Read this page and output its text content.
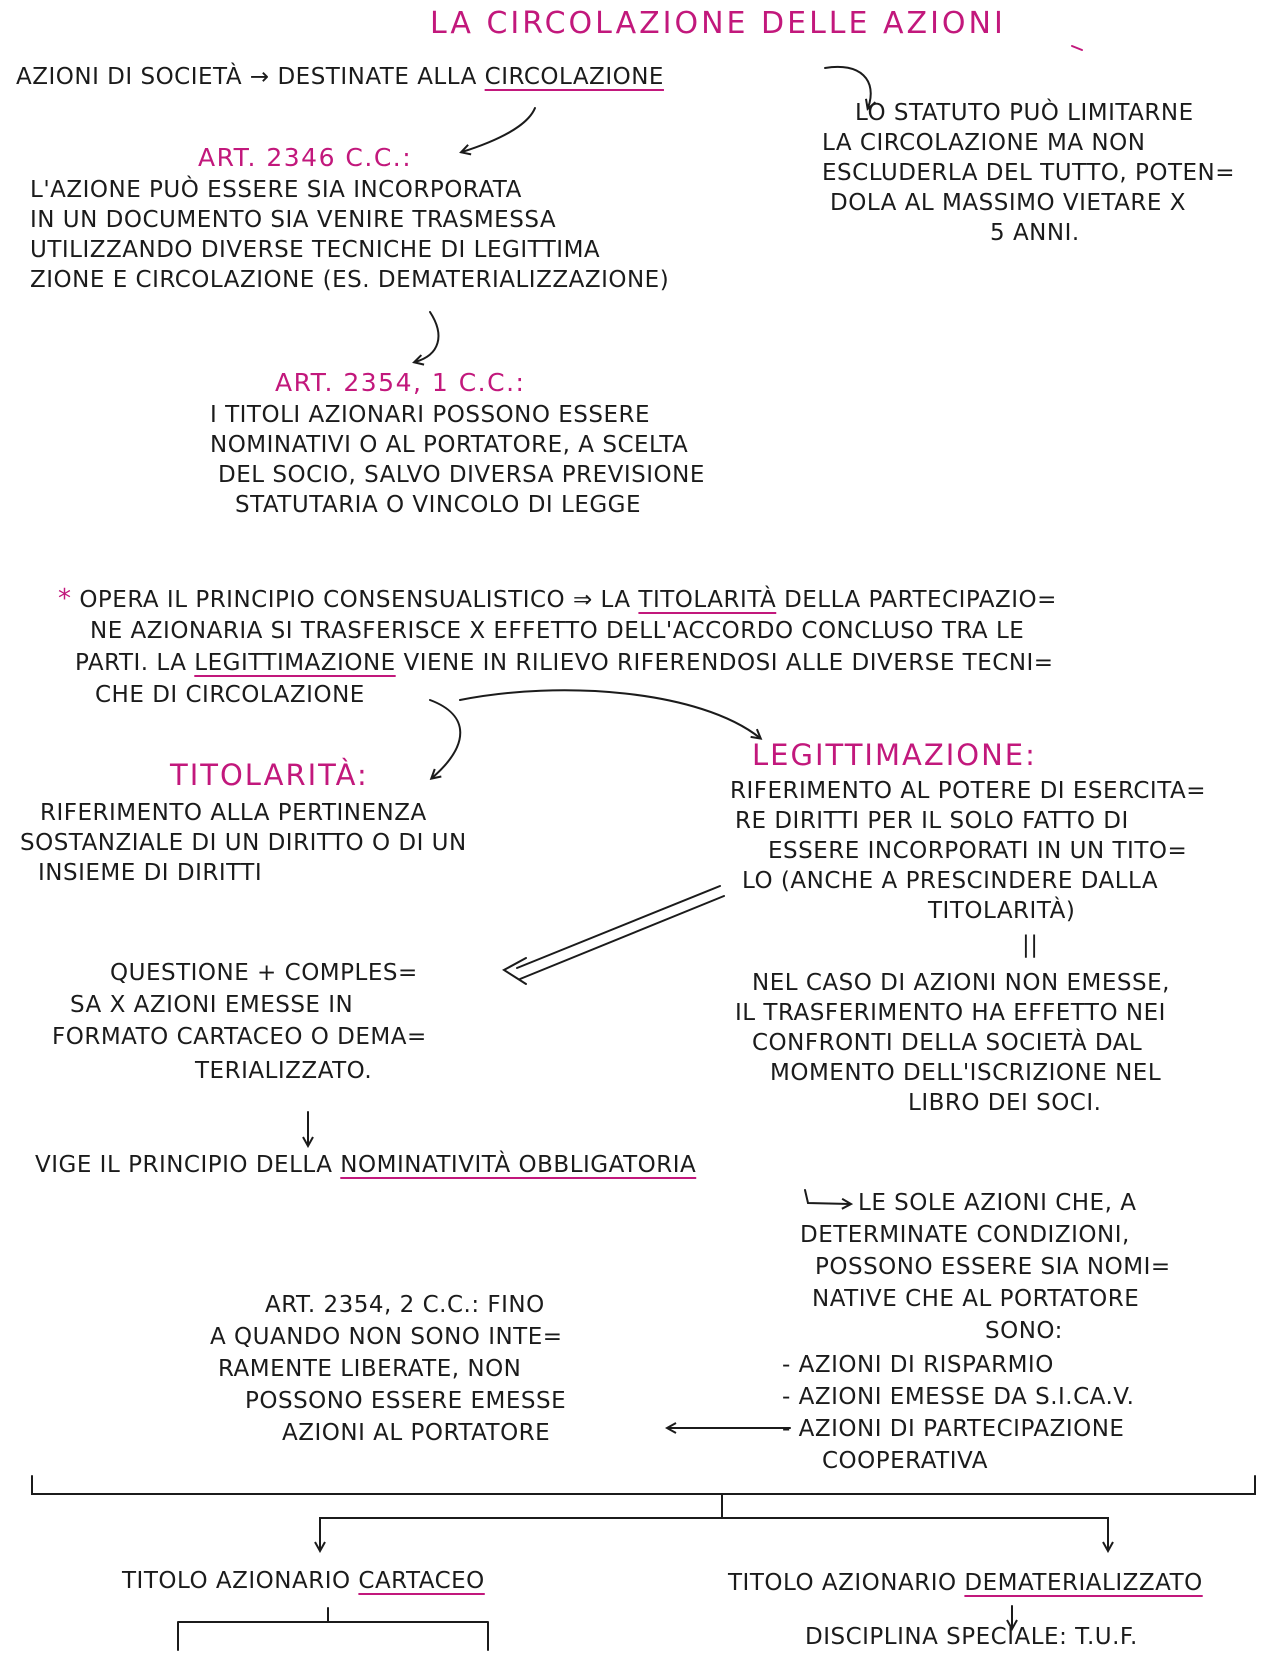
LA CIRCOLAZIONE DELLE AZIONI
AZIONI DI SOCIETÀ → DESTINATE ALLA CIRCOLAZIONE
LO STATUTO PUÒ LIMITARNE
LA CIRCOLAZIONE MA NON
ESCLUDERLA DEL TUTTO, POTEN=
DOLA AL MASSIMO VIETARE X
5 ANNI.
ART. 2346 C.C.:
L'AZIONE PUÒ ESSERE SIA INCORPORATA
IN UN DOCUMENTO SIA VENIRE TRASMESSA
UTILIZZANDO DIVERSE TECNICHE DI LEGITTIMA
ZIONE E CIRCOLAZIONE (ES. DEMATERIALIZZAZIONE)
ART. 2354, 1 C.C.:
I TITOLI AZIONARI POSSONO ESSERE
NOMINATIVI O AL PORTATORE, A SCELTA
DEL SOCIO, SALVO DIVERSA PREVISIONE
STATUTARIA O VINCOLO DI LEGGE
* OPERA IL PRINCIPIO CONSENSUALISTICO ⇒ LA TITOLARITÀ DELLA PARTECIPAZIO=
NE AZIONARIA SI TRASFERISCE X EFFETTO DELL'ACCORDO CONCLUSO TRA LE
PARTI. LA LEGITTIMAZIONE VIENE IN RILIEVO RIFERENDOSI ALLE DIVERSE TECNI=
CHE DI CIRCOLAZIONE
TITOLARITÀ:
RIFERIMENTO ALLA PERTINENZA
SOSTANZIALE DI UN DIRITTO O DI UN
INSIEME DI DIRITTI
LEGITTIMAZIONE:
RIFERIMENTO AL POTERE DI ESERCITA=
RE DIRITTI PER IL SOLO FATTO DI
ESSERE INCORPORATI IN UN TITO=
LO (ANCHE A PRESCINDERE DALLA
TITOLARITÀ)
||
NEL CASO DI AZIONI NON EMESSE,
IL TRASFERIMENTO HA EFFETTO NEI
CONFRONTI DELLA SOCIETÀ DAL
MOMENTO DELL'ISCRIZIONE NEL
LIBRO DEI SOCI.
QUESTIONE + COMPLES=
SA X AZIONI EMESSE IN
FORMATO CARTACEO O DEMA=
TERIALIZZATO.
VIGE IL PRINCIPIO DELLA NOMINATIVITÀ OBBLIGATORIA
LE SOLE AZIONI CHE, A
DETERMINATE CONDIZIONI,
POSSONO ESSERE SIA NOMI=
NATIVE CHE AL PORTATORE
SONO:
- AZIONI DI RISPARMIO
- AZIONI EMESSE DA S.I.CA.V.
- AZIONI DI PARTECIPAZIONE
COOPERATIVA
ART. 2354, 2 C.C.: FINO
A QUANDO NON SONO INTE=
RAMENTE LIBERATE, NON
POSSONO ESSERE EMESSE
AZIONI AL PORTATORE
TITOLO AZIONARIO CARTACEO	TITOLO AZIONARIO DEMATERIALIZZATO
DISCIPLINA SPECIALE: T.U.F.
